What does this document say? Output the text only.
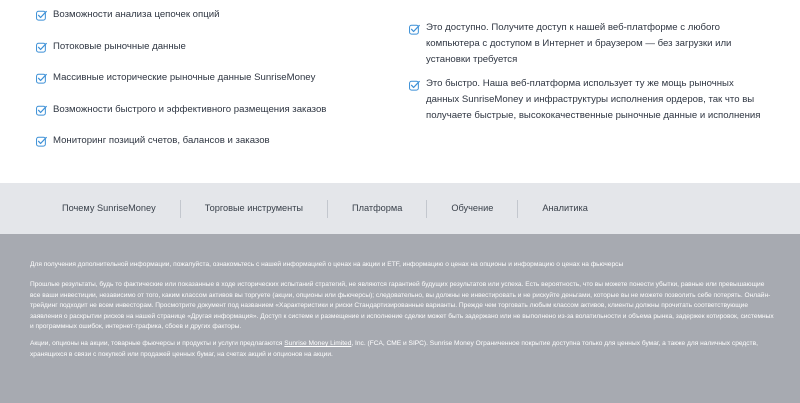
Возможности анализа цепочек опций
Потоковые рыночные данные
Массивные исторические рыночные данные SunriseMoney
Возможности быстрого и эффективного размещения заказов
Мониторинг позиций счетов, балансов и заказов
Это доступно. Получите доступ к нашей веб-платформе с любого компьютера с доступом в Интернет и браузером — без загрузки или установки требуется
Это быстро. Наша веб-платформа использует ту же мощь рыночных данных SunriseMoney и инфраструктуры исполнения ордеров, так что вы получаете быстрые, высококачественные рыночные данные и исполнения
Почему SunriseMoney	Торговые инструменты	Платформа	Обучение	Аналитика

Для получения дополнительной информации, пожалуйста, ознакомьтесь с нашей информацией о ценах на акции и ETF, информацию о ценах на опционы и информацию о ценах на фьючерсы

Прошлые результаты, будь то фактические или показанные в ходе исторических испытаний стратегий, не являются гарантией будущих результатов или успеха. Есть вероятность, что вы можете понести убытки, равные или превышающие все ваши инвестиции, независимо от того, каким классом активов вы торгуете (акции, опционы или фьючерсы); следовательно, вы должны не инвестировать и не рискуйте деньгами, которые вы не можете позволить себе потерять. Онлайн-трейдинг подходит не всем инвесторам. Просмотрите документ под названием «Характеристики и риски Стандартизированные варианты. Прежде чем торговать любым классом активов, клиенты должны прочитать соответствующие заявления о раскрытии рисков на нашей странице «Другая информация». Доступ к системе и размещение и исполнение сделки может быть задержано или не выполнено из-за волатильности и объема рынка, задержек котировок, системных и программных ошибок, интернет-трафика, сбоев и других факторы.

Акции, опционы на акции, товарные фьючерсы и продукты и услуги предлагаются Sunrise Money Limited, Inc. (FCA, CME и SIPC). Sunrise Money Ограниченное покрытие доступна только для ценных бумаг, а также для наличных средств, хранящихся в связи с покупкой или продажей ценных бумаг, на счетах акций и опционов на акции.
